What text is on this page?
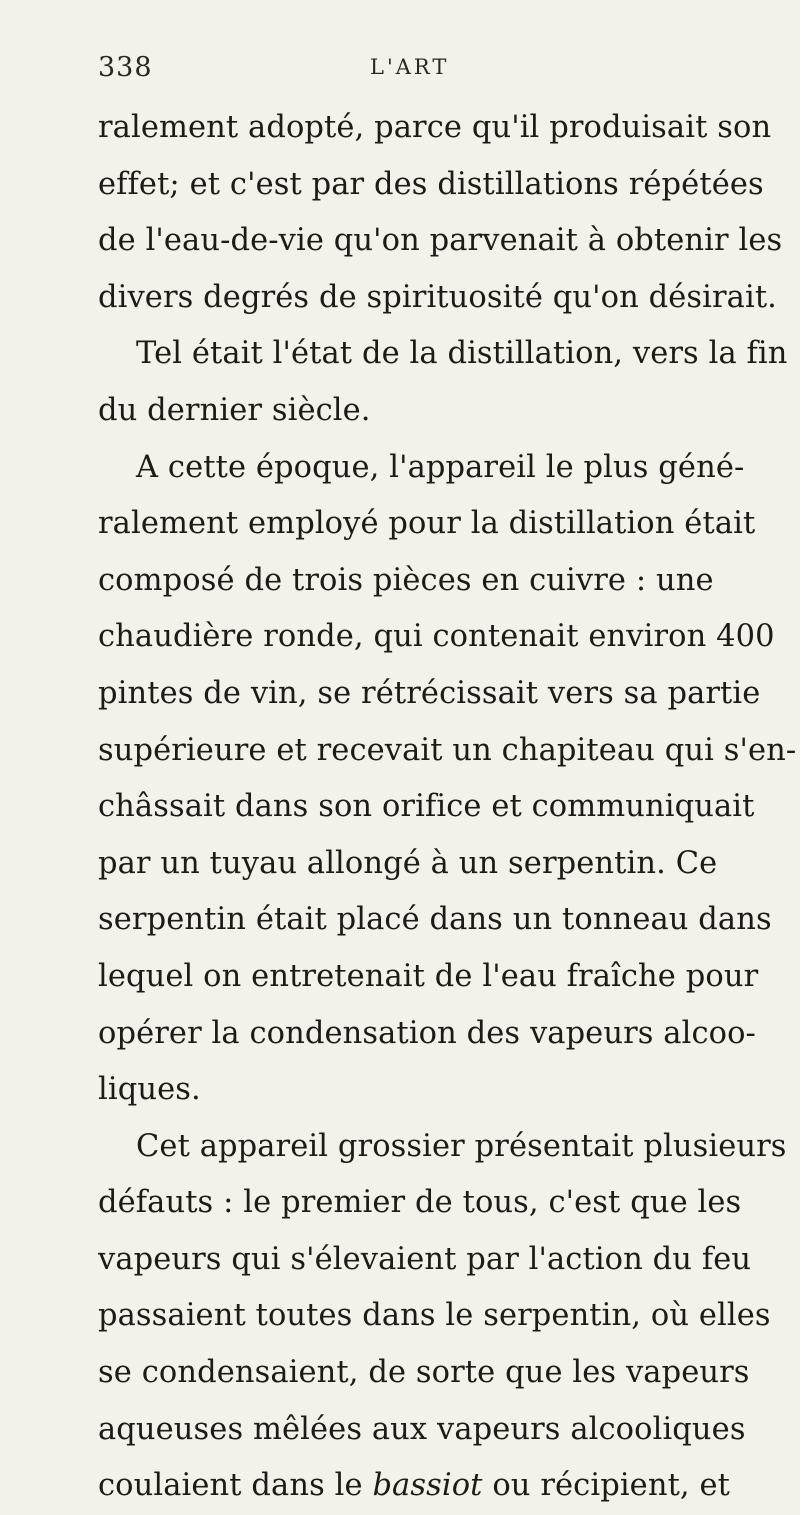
338	L'ART
ralement adopté, parce qu'il produisait son
effet; et c'est par des distillations répétées
de l'eau-de-vie qu'on parvenait à obtenir les
divers degrés de spirituosité qu'on désirait.
Tel était l'état de la distillation, vers la fin
du dernier siècle.
A cette époque, l'appareil le plus géné-
ralement employé pour la distillation était
composé de trois pièces en cuivre : une
chaudière ronde, qui contenait environ 400
pintes de vin, se rétrécissait vers sa partie
supérieure et recevait un chapiteau qui s'en-
châssait dans son orifice et communiquait
par un tuyau allongé à un serpentin. Ce
serpentin était placé dans un tonneau dans
lequel on entretenait de l'eau fraîche pour
opérer la condensation des vapeurs alcoo-
liques.
Cet appareil grossier présentait plusieurs
défauts : le premier de tous, c'est que les
vapeurs qui s'élevaient par l'action du feu
passaient toutes dans le serpentin, où elles
se condensaient, de sorte que les vapeurs
aqueuses mêlées aux vapeurs alcooliques
coulaient dans le bassiot ou récipient, et
